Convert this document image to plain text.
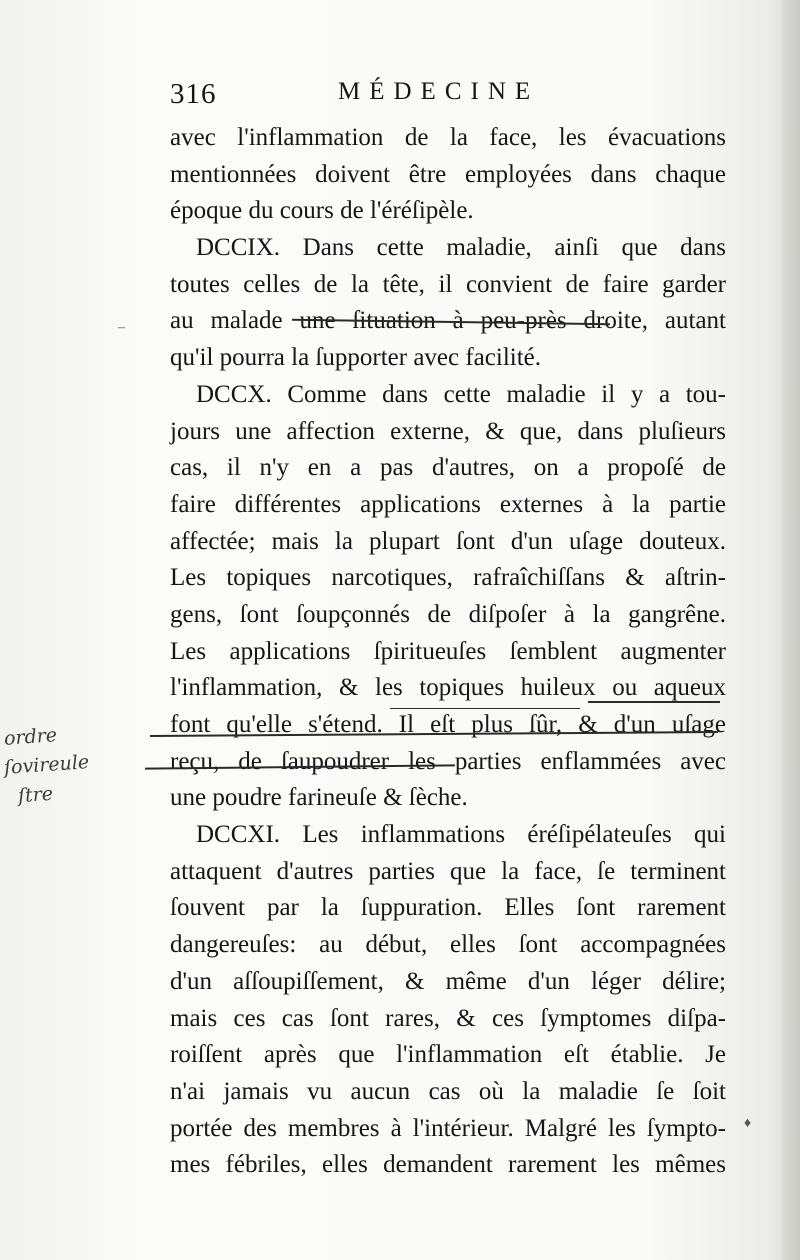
316	MÉDECINE
avec l'inflammation de la face, les évacuations
mentionnées doivent être employées dans chaque
époque du cours de l'éréſipèle.
DCCIX. Dans cette maladie, ainſi que dans
toutes celles de la tête, il convient de faire garder
au malade une ſituation à peu-près droite, autant
qu'il pourra la ſupporter avec facilité.
DCCX. Comme dans cette maladie il y a tou-
jours une affection externe, & que, dans pluſieurs
cas, il n'y en a pas d'autres, on a propoſé de
faire différentes applications externes à la partie
affectée; mais la plupart ſont d'un uſage douteux.
Les topiques narcotiques, rafraîchiſſans & aſtrin-
gens, ſont ſoupçonnés de diſpoſer à la gangrêne.
Les applications ſpiritueuſes ſemblent augmenter
l'inflammation, & les topiques huileux ou aqueux
font qu'elle s'étend. Il eſt plus ſûr, & d'un uſage
reçu, de ſaupoudrer les parties enflammées avec
une poudre farineuſe & ſèche.
DCCXI. Les inflammations éréſipélateuſes qui
attaquent d'autres parties que la face, ſe terminent
ſouvent par la ſuppuration. Elles ſont rarement
dangereuſes: au début, elles ſont accompagnées
d'un aſſoupiſſement, & même d'un léger délire;
mais ces cas ſont rares, & ces ſymptomes diſpa-
roiſſent après que l'inflammation eſt établie. Je
n'ai jamais vu aucun cas où la maladie ſe ſoit
portée des membres à l'intérieur. Malgré les ſympto-
mes fébriles, elles demandent rarement les mêmes
ordre
ſovireule
ſtre
♦
–
